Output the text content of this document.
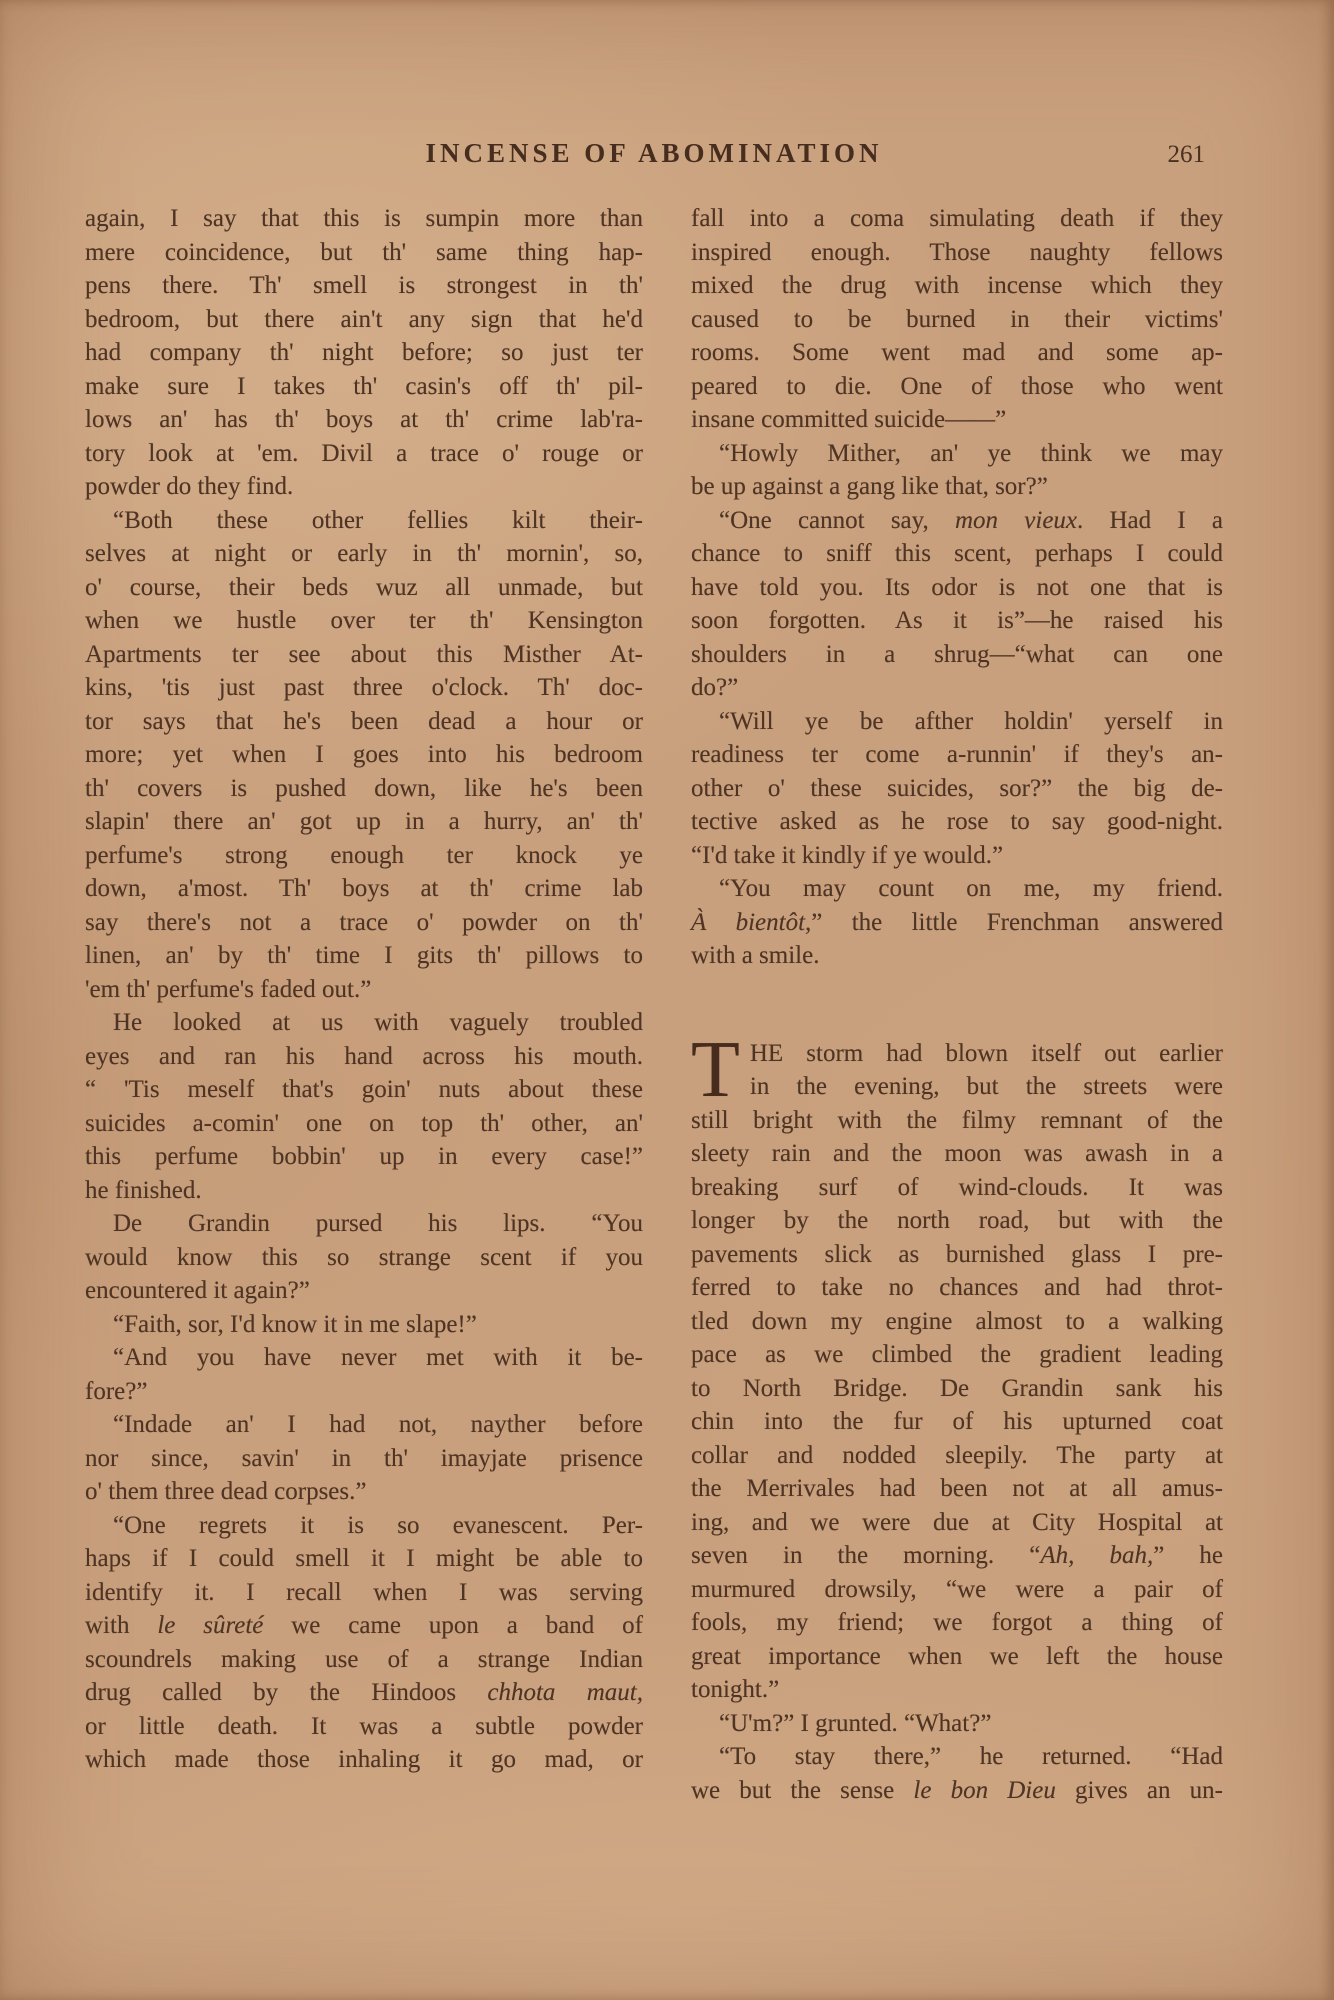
INCENSE OF ABOMINATION	261
again, I say that this is sumpin more than
mere coincidence, but th' same thing hap-
pens there. Th' smell is strongest in th'
bedroom, but there ain't any sign that he'd
had company th' night before; so just ter
make sure I takes th' casin's off th' pil-
lows an' has th' boys at th' crime lab'ra-
tory look at 'em. Divil a trace o' rouge or
powder do they find.
“Both these other fellies kilt their-
selves at night or early in th' mornin', so,
o' course, their beds wuz all unmade, but
when we hustle over ter th' Kensington
Apartments ter see about this Misther At-
kins, 'tis just past three o'clock. Th' doc-
tor says that he's been dead a hour or
more; yet when I goes into his bedroom
th' covers is pushed down, like he's been
slapin' there an' got up in a hurry, an' th'
perfume's strong enough ter knock ye
down, a'most. Th' boys at th' crime lab
say there's not a trace o' powder on th'
linen, an' by th' time I gits th' pillows to
'em th' perfume's faded out.”
He looked at us with vaguely troubled
eyes and ran his hand across his mouth.
“ 'Tis meself that's goin' nuts about these
suicides a-comin' one on top th' other, an'
this perfume bobbin' up in every case!”
he finished.
De Grandin pursed his lips. “You
would know this so strange scent if you
encountered it again?”
“Faith, sor, I'd know it in me slape!”
“And you have never met with it be-
fore?”
“Indade an' I had not, nayther before
nor since, savin' in th' imayjate prisence
o' them three dead corpses.”
“One regrets it is so evanescent. Per-
haps if I could smell it I might be able to
identify it. I recall when I was serving
with le sûreté we came upon a band of
scoundrels making use of a strange Indian
drug called by the Hindoos chhota maut,
or little death. It was a subtle powder
which made those inhaling it go mad, or
fall into a coma simulating death if they
inspired enough. Those naughty fellows
mixed the drug with incense which they
caused to be burned in their victims'
rooms. Some went mad and some ap-
peared to die. One of those who went
insane committed suicide——”
“Howly Mither, an' ye think we may
be up against a gang like that, sor?”
“One cannot say, mon vieux. Had I a
chance to sniff this scent, perhaps I could
have told you. Its odor is not one that is
soon forgotten. As it is”—he raised his
shoulders in a shrug—“what can one
do?”
“Will ye be afther holdin' yerself in
readiness ter come a-runnin' if they's an-
other o' these suicides, sor?” the big de-
tective asked as he rose to say good-night.
“I'd take it kindly if ye would.”
“You may count on me, my friend.
À bientôt,” the little Frenchman answered
with a smile.
T HE storm had blown itself out earlier
in the evening, but the streets were
still bright with the filmy remnant of the
sleety rain and the moon was awash in a
breaking surf of wind-clouds. It was
longer by the north road, but with the
pavements slick as burnished glass I pre-
ferred to take no chances and had throt-
tled down my engine almost to a walking
pace as we climbed the gradient leading
to North Bridge. De Grandin sank his
chin into the fur of his upturned coat
collar and nodded sleepily. The party at
the Merrivales had been not at all amus-
ing, and we were due at City Hospital at
seven in the morning. “Ah, bah,” he
murmured drowsily, “we were a pair of
fools, my friend; we forgot a thing of
great importance when we left the house
tonight.”
“U'm?” I grunted. “What?”
“To stay there,” he returned. “Had
we but the sense le bon Dieu gives an un-
